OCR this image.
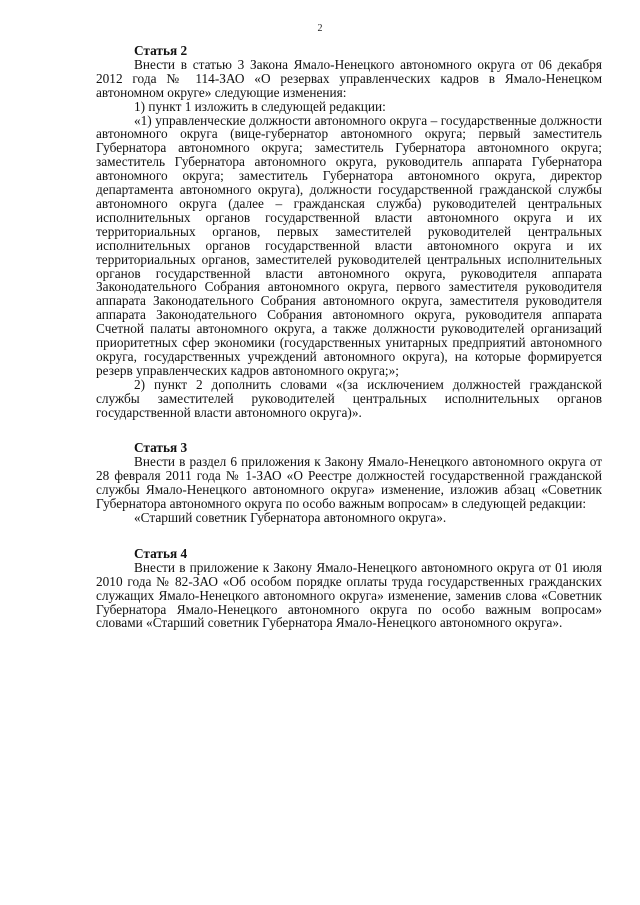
2

Статья 2

Внести в статью 3 Закона Ямало-Ненецкого автономного округа от 06 декабря 2012 года № 114-ЗАО «О резервах управленческих кадров в Ямало-Ненецком автономном округе» следующие изменения:

1) пункт 1 изложить в следующей редакции:

«1) управленческие должности автономного округа – государственные должности автономного округа (вице-губернатор автономного округа; первый заместитель Губернатора автономного округа; заместитель Губернатора автономного округа; заместитель Губернатора автономного округа, руководитель аппарата Губернатора автономного округа; заместитель Губернатора автономного округа, директор департамента автономного округа), должности государственной гражданской службы автономного округа (далее – гражданская служба) руководителей центральных исполнительных органов государственной власти автономного округа и их территориальных органов, первых заместителей руководителей центральных исполнительных органов государственной власти автономного округа и их территориальных органов, заместителей руководителей центральных исполнительных органов государственной власти автономного округа, руководителя аппарата Законодательного Собрания автономного округа, первого заместителя руководителя аппарата Законодательного Собрания автономного округа, заместителя руководителя аппарата Законодательного Собрания автономного округа, руководителя аппарата Счетной палаты автономного округа, а также должности руководителей организаций приоритетных сфер экономики (государственных унитарных предприятий автономного округа, государственных учреждений автономного округа), на которые формируется резерв управленческих кадров автономного округа;»;

2) пункт 2 дополнить словами «(за исключением должностей гражданской службы заместителей руководителей центральных исполнительных органов государственной власти автономного округа)».

Статья 3

Внести в раздел 6 приложения к Закону Ямало-Ненецкого автономного округа от 28 февраля 2011 года № 1-ЗАО «О Реестре должностей государственной гражданской службы Ямало-Ненецкого автономного округа» изменение, изложив абзац «Советник Губернатора автономного округа по особо важным вопросам» в следующей редакции:

«Старший советник Губернатора автономного округа».

Статья 4

Внести в приложение к Закону Ямало-Ненецкого автономного округа от 01 июля 2010 года № 82-ЗАО «Об особом порядке оплаты труда государственных гражданских служащих Ямало-Ненецкого автономного округа» изменение, заменив слова «Советник Губернатора Ямало-Ненецкого автономного округа по особо важным вопросам» словами «Старший советник Губернатора Ямало-Ненецкого автономного округа».
